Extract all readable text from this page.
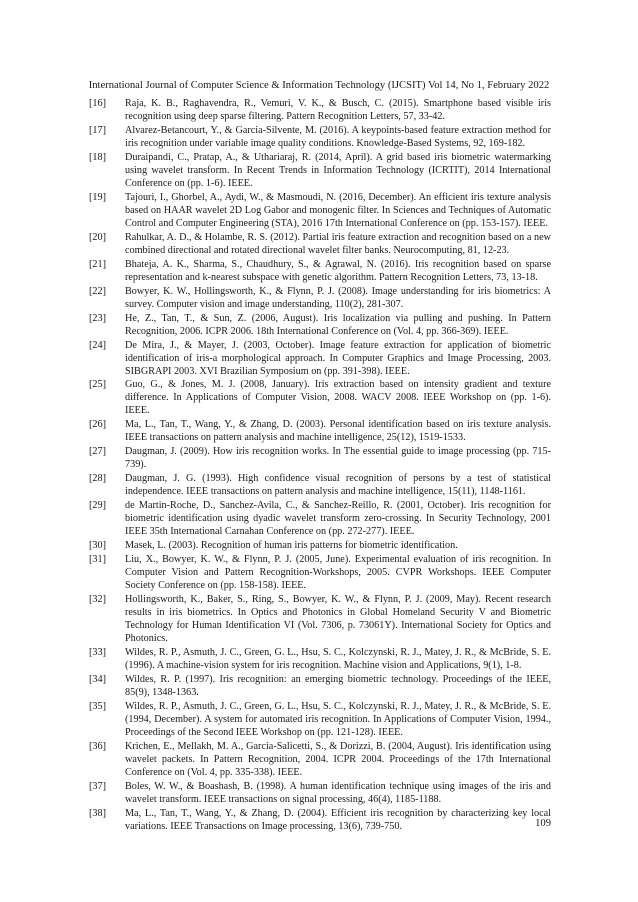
International Journal of Computer Science & Information Technology (IJCSIT) Vol 14, No 1, February 2022
[16] Raja, K. B., Raghavendra, R., Vemuri, V. K., & Busch, C. (2015). Smartphone based visible iris recognition using deep sparse filtering. Pattern Recognition Letters, 57, 33-42.
[17] Alvarez-Betancourt, Y., & Garcia-Silvente, M. (2016). A keypoints-based feature extraction method for iris recognition under variable image quality conditions. Knowledge-Based Systems, 92, 169-182.
[18] Duraipandi, C., Pratap, A., & Uthariaraj, R. (2014, April). A grid based iris biometric watermarking using wavelet transform. In Recent Trends in Information Technology (ICRTIT), 2014 International Conference on (pp. 1-6). IEEE.
[19] Tajouri, I., Ghorbel, A., Aydi, W., & Masmoudi, N. (2016, December). An efficient iris texture analysis based on HAAR wavelet 2D Log Gabor and monogenic filter. In Sciences and Techniques of Automatic Control and Computer Engineering (STA), 2016 17th International Conference on (pp. 153-157). IEEE.
[20] Rahulkar, A. D., & Holambe, R. S. (2012). Partial iris feature extraction and recognition based on a new combined directional and rotated directional wavelet filter banks. Neurocomputing, 81, 12-23.
[21] Bhateja, A. K., Sharma, S., Chaudhury, S., & Agrawal, N. (2016). Iris recognition based on sparse representation and k-nearest subspace with genetic algorithm. Pattern Recognition Letters, 73, 13-18.
[22] Bowyer, K. W., Hollingsworth, K., & Flynn, P. J. (2008). Image understanding for iris biometrics: A survey. Computer vision and image understanding, 110(2), 281-307.
[23] He, Z., Tan, T., & Sun, Z. (2006, August). Iris localization via pulling and pushing. In Pattern Recognition, 2006. ICPR 2006. 18th International Conference on (Vol. 4, pp. 366-369). IEEE.
[24] De Mira, J., & Mayer, J. (2003, October). Image feature extraction for application of biometric identification of iris-a morphological approach. In Computer Graphics and Image Processing, 2003. SIBGRAPI 2003. XVI Brazilian Symposium on (pp. 391-398). IEEE.
[25] Guo, G., & Jones, M. J. (2008, January). Iris extraction based on intensity gradient and texture difference. In Applications of Computer Vision, 2008. WACV 2008. IEEE Workshop on (pp. 1-6). IEEE.
[26] Ma, L., Tan, T., Wang, Y., & Zhang, D. (2003). Personal identification based on iris texture analysis. IEEE transactions on pattern analysis and machine intelligence, 25(12), 1519-1533.
[27] Daugman, J. (2009). How iris recognition works. In The essential guide to image processing (pp. 715-739).
[28] Daugman, J. G. (1993). High confidence visual recognition of persons by a test of statistical independence. IEEE transactions on pattern analysis and machine intelligence, 15(11), 1148-1161.
[29] de Martin-Roche, D., Sanchez-Avila, C., & Sanchez-Reillo, R. (2001, October). Iris recognition for biometric identification using dyadic wavelet transform zero-crossing. In Security Technology, 2001 IEEE 35th International Carnahan Conference on (pp. 272-277). IEEE.
[30] Masek, L. (2003). Recognition of human iris patterns for biometric identification.
[31] Liu, X., Bowyer, K. W., & Flynn, P. J. (2005, June). Experimental evaluation of iris recognition. In Computer Vision and Pattern Recognition-Workshops, 2005. CVPR Workshops. IEEE Computer Society Conference on (pp. 158-158). IEEE.
[32] Hollingsworth, K., Baker, S., Ring, S., Bowyer, K. W., & Flynn, P. J. (2009, May). Recent research results in iris biometrics. In Optics and Photonics in Global Homeland Security V and Biometric Technology for Human Identification VI (Vol. 7306, p. 73061Y). International Society for Optics and Photonics.
[33] Wildes, R. P., Asmuth, J. C., Green, G. L., Hsu, S. C., Kolczynski, R. J., Matey, J. R., & McBride, S. E. (1996). A machine-vision system for iris recognition. Machine vision and Applications, 9(1), 1-8.
[34] Wildes, R. P. (1997). Iris recognition: an emerging biometric technology. Proceedings of the IEEE, 85(9), 1348-1363.
[35] Wildes, R. P., Asmuth, J. C., Green, G. L., Hsu, S. C., Kolczynski, R. J., Matey, J. R., & McBride, S. E. (1994, December). A system for automated iris recognition. In Applications of Computer Vision, 1994., Proceedings of the Second IEEE Workshop on (pp. 121-128). IEEE.
[36] Krichen, E., Mellakh, M. A., Garcia-Salicetti, S., & Dorizzi, B. (2004, August). Iris identification using wavelet packets. In Pattern Recognition, 2004. ICPR 2004. Proceedings of the 17th International Conference on (Vol. 4, pp. 335-338). IEEE.
[37] Boles, W. W., & Boashash, B. (1998). A human identification technique using images of the iris and wavelet transform. IEEE transactions on signal processing, 46(4), 1185-1188.
[38] Ma, L., Tan, T., Wang, Y., & Zhang, D. (2004). Efficient iris recognition by characterizing key local variations. IEEE Transactions on Image processing, 13(6), 739-750.	109
